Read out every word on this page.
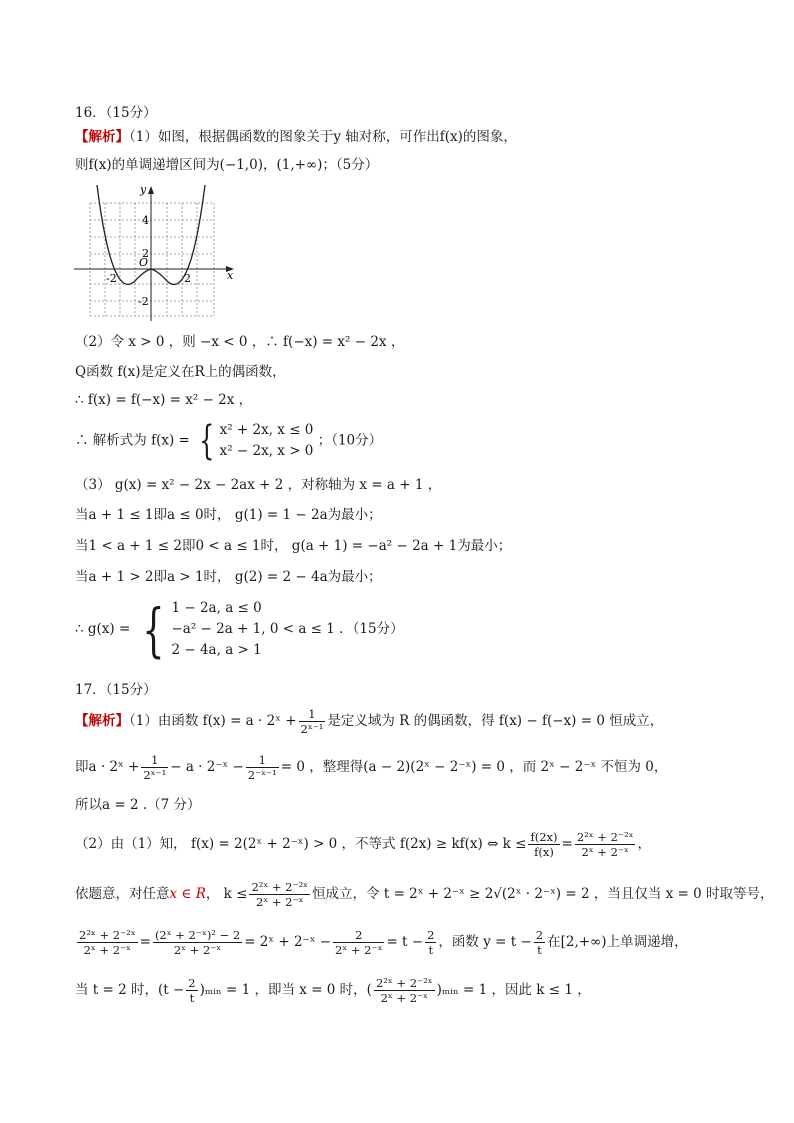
16．（15分）
【解析】（1）如图，根据偶函数的图象关于y 轴对称，可作出f(x)的图象，
则f(x)的单调递增区间为(−1,0)，(1,+∞)；（5分）
y
x
O
4
2
-2	2
-2
（2）令 x > 0 ，则 −x < 0 ，∴ f(−x) = x² − 2x ，
Q函数 f(x)是定义在R上的偶函数，
∴ f(x) = f(−x) = x² − 2x ，
∴ 解析式为 f(x) = { x² + 2x, x ≤ 0
x² − 2x, x > 0
；（10分）
（3） g(x) = x² − 2x − 2ax + 2 ，对称轴为 x = a + 1 ，
当a + 1 ≤ 1即a ≤ 0时， g(1) = 1 − 2a为最小；
当1 < a + 1 ≤ 2即0 < a ≤ 1时， g(a + 1) = −a² − 2a + 1为最小；
当a + 1 > 2即a > 1时， g(2) = 2 − 4a为最小；
∴ g(x) = { 1 − 2a, a ≤ 0
−a² − 2a + 1, 0 < a ≤ 1
2 − 4a, a > 1
．（15分）
17．（15分）
【解析】（1）由函数 f(x) = a · 2ˣ + $\frac{1}{\text{2ˣ⁻¹}}$ 是定义域为 R 的偶函数，得 f(x) − f(−x) = 0 恒成立，
即a · 2ˣ + $\frac{1}{\text{2ˣ⁻¹}} - a$ · 2⁻ˣ − $\frac{1}{\text{2⁻ˣ⁻¹}} = 0$ ，整理得(a − 2)(2ˣ − 2⁻ˣ) = 0 ，而 2ˣ − 2⁻ˣ 不恒为 0，
所以a = 2 .（7 分）
（2）由（1）知， f(x) = 2(2ˣ + 2⁻ˣ) > 0 ，不等式 f(2x) ≥ kf(x) ⇔ $k \le \frac{f(2x)}{f(x)} = \frac{\text{2²ˣ + 2⁻²ˣ}}{\text{2ˣ + 2⁻ˣ}}$ ，
依题意，对任意x ∈ R， $k \le \frac{\text{2²ˣ + 2⁻²ˣ}}{\text{2ˣ + 2⁻ˣ}}$ 恒成立，令 t = 2ˣ + 2⁻ˣ ≥ 2√(2ˣ · 2⁻ˣ) = 2 ，当且仅当 x = 0 时取等号，
$\frac{\text{2²ˣ + 2⁻²ˣ}}{\text{2ˣ + 2⁻ˣ}} = \frac{\text{(2ˣ + 2⁻ˣ)² − 2}}{\text{2ˣ + 2⁻ˣ}}$ = 2ˣ + 2⁻ˣ − $\frac{2}{\text{2ˣ + 2⁻ˣ}} = t - \frac{2}{t}$ ，函数 $y = t - \frac{2}{t}$ 在[2,+∞)上单调递增，
当 t = 2 时，($t - \frac{2}{t}$ )ₘᵢₙ = 1 ，即当 x = 0 时，( $\frac{\text{2²ˣ + 2⁻²ˣ}}{\text{2ˣ + 2⁻ˣ}}$ )ₘᵢₙ = 1 ，因此 k ≤ 1 ，
